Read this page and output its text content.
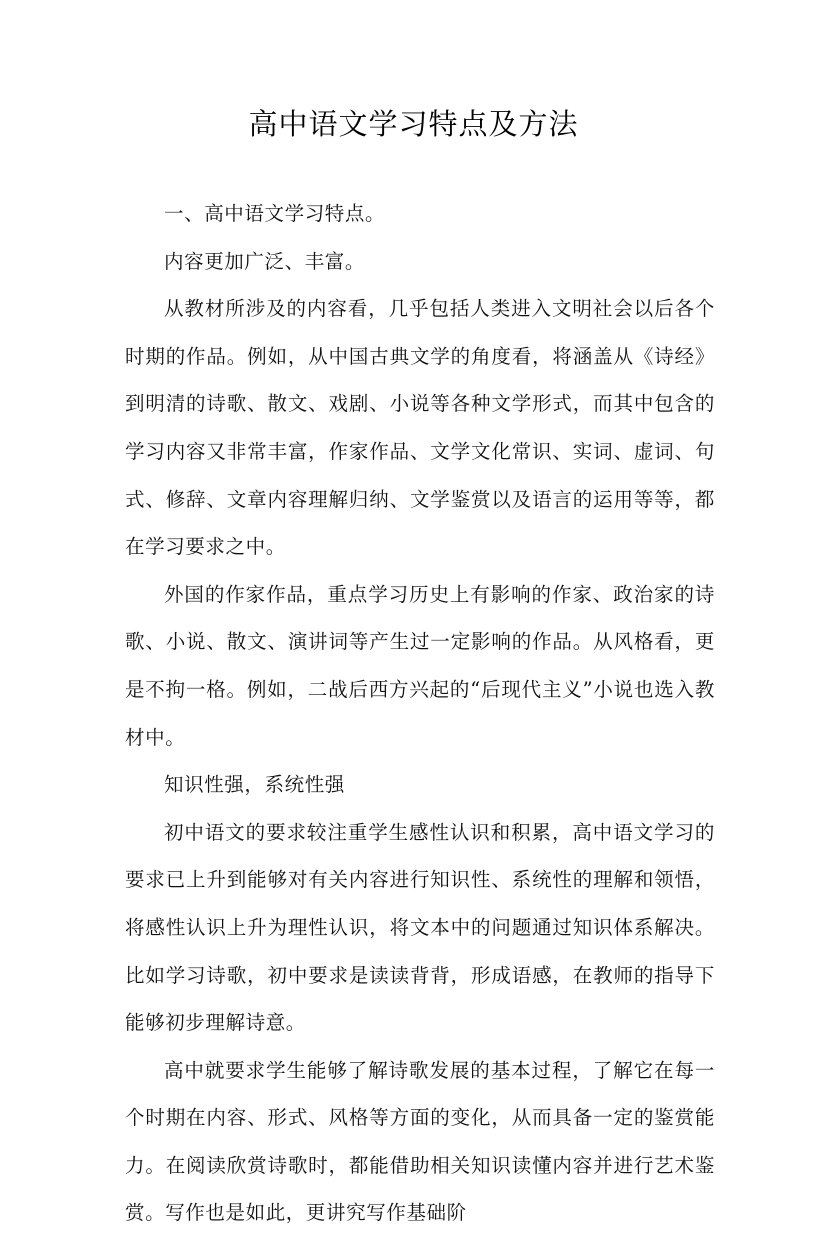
高中语文学习特点及方法

一、高中语文学习特点。

内容更加广泛、丰富。

从教材所涉及的内容看，几乎包括人类进入文明社会以后各个时期的作品。例如，从中国古典文学的角度看，将涵盖从《诗经》到明清的诗歌、散文、戏剧、小说等各种文学形式，而其中包含的学习内容又非常丰富，作家作品、文学文化常识、实词、虚词、句式、修辞、文章内容理解归纳、文学鉴赏以及语言的运用等等，都在学习要求之中。

外国的作家作品，重点学习历史上有影响的作家、政治家的诗歌、小说、散文、演讲词等产生过一定影响的作品。从风格看，更是不拘一格。例如，二战后西方兴起的“后现代主义”小说也选入教材中。

知识性强，系统性强

初中语文的要求较注重学生感性认识和积累，高中语文学习的要求已上升到能够对有关内容进行知识性、系统性的理解和领悟，将感性认识上升为理性认识，将文本中的问题通过知识体系解决。比如学习诗歌，初中要求是读读背背，形成语感，在教师的指导下能够初步理解诗意。

高中就要求学生能够了解诗歌发展的基本过程，了解它在每一个时期在内容、形式、风格等方面的变化，从而具备一定的鉴赏能力。在阅读欣赏诗歌时，都能借助相关知识读懂内容并进行艺术鉴赏。写作也是如此，更讲究写作基础阶
